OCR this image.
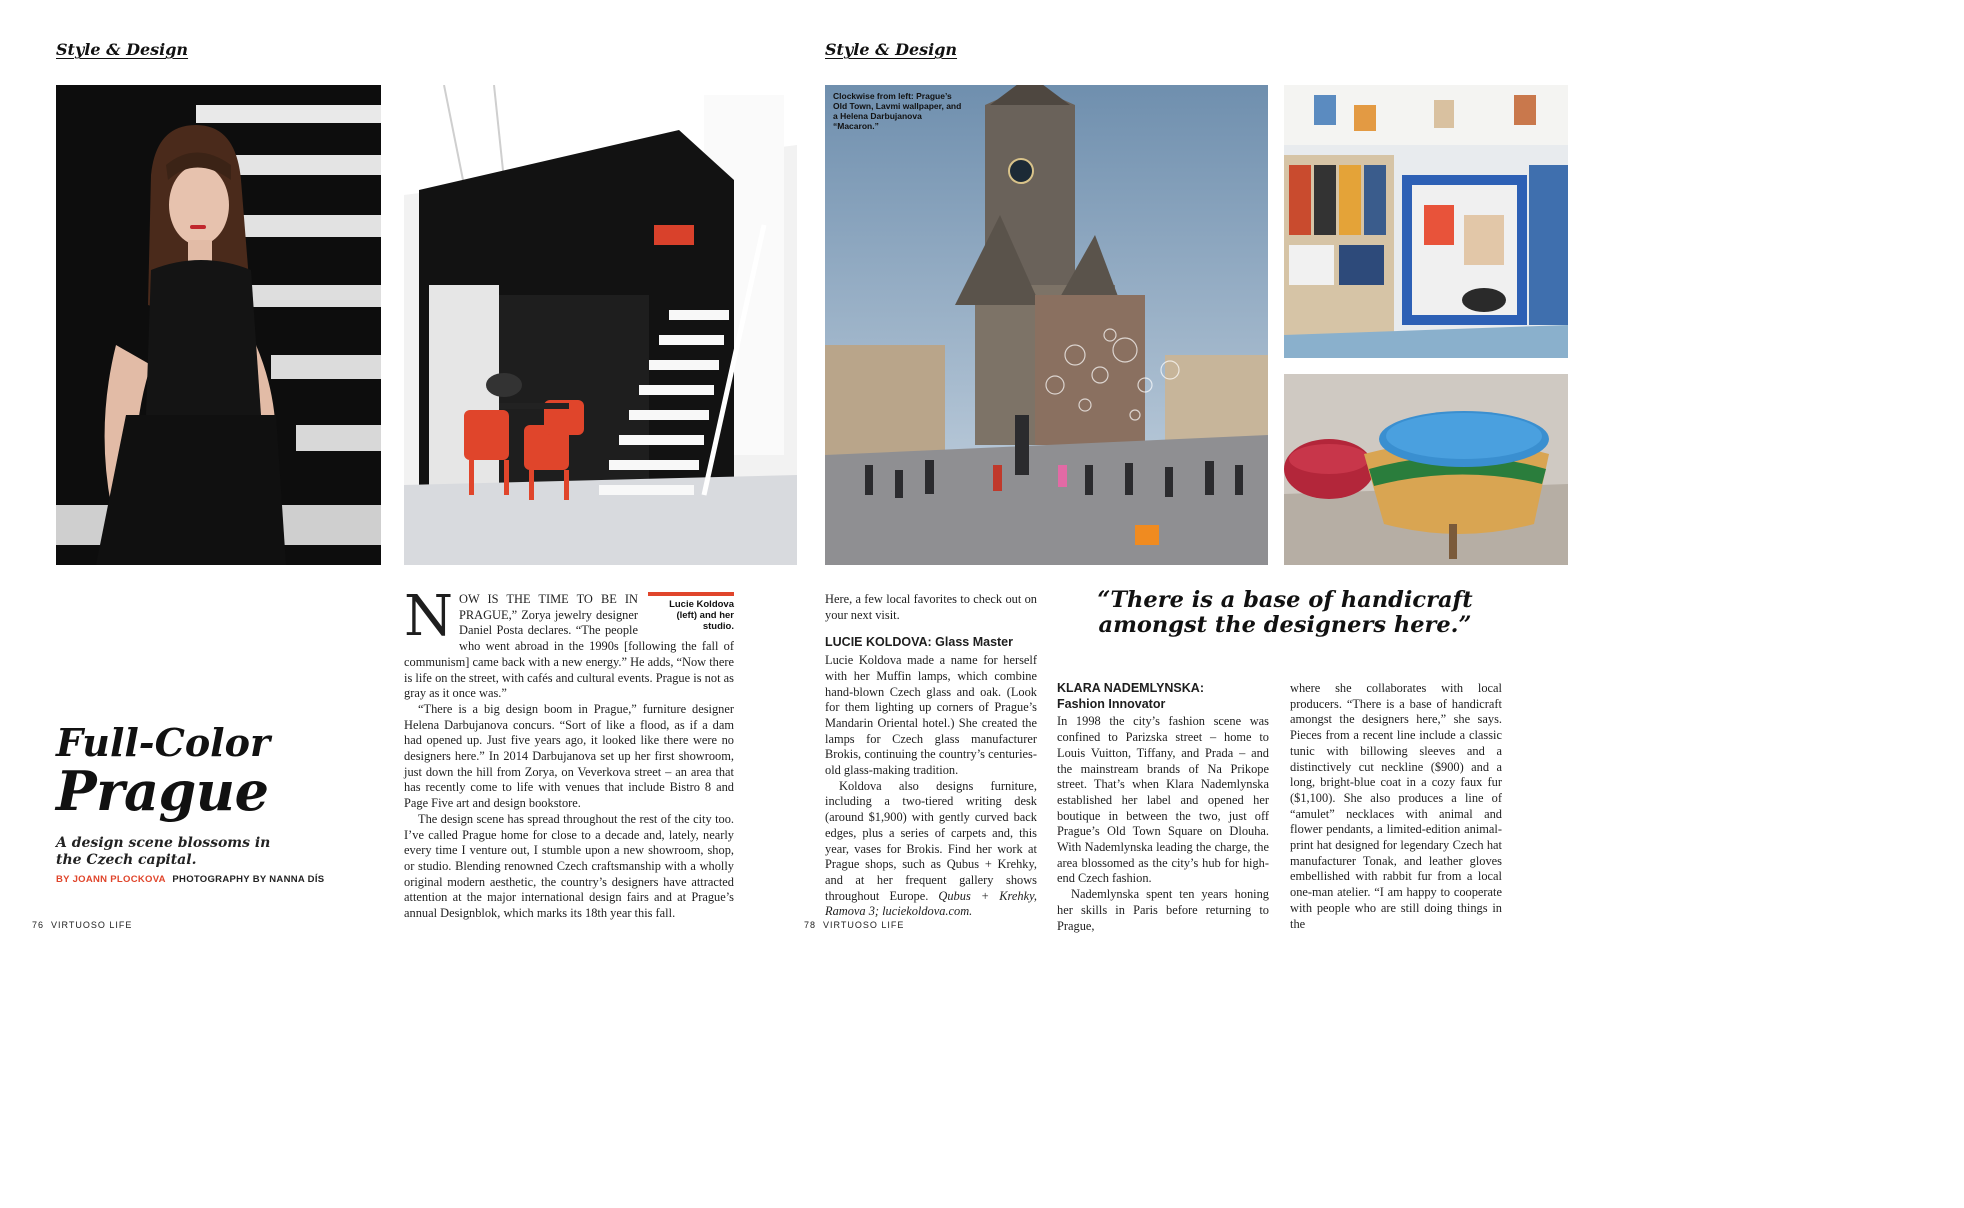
Style & Design
Full-Color
Prague
A design scene blossoms in the Czech capital.
BY JOANN PLOCKOVA PHOTOGRAPHY BY NANNA DÍS
Lucie Koldova (left) and her studio.

NOW IS THE TIME TO BE IN PRAGUE,” Zorya jewelry designer Daniel Posta declares. “The people who went abroad in the 1990s [following the fall of communism] came back with a new energy.” He adds, “Now there is life on the street, with cafés and cultural events. Prague is not as gray as it once was.”

“There is a big design boom in Prague,” furniture designer Helena Darbujanova concurs. “Sort of like a flood, as if a dam had opened up. Just five years ago, it looked like there were no designers here.” In 2014 Darbujanova set up her first showroom, just down the hill from Zorya, on Veverkova street – an area that has recently come to life with venues that include Bistro 8 and Page Five art and design bookstore.

The design scene has spread throughout the rest of the city too. I’ve called Prague home for close to a decade and, lately, nearly every time I venture out, I stumble upon a new showroom, shop, or studio. Blending renowned Czech craftsmanship with a wholly original modern aesthetic, the country’s designers have attracted attention at the major international design fairs and at Prague’s annual Designblok, which marks its 18th year this fall.

76 VIRTUOSO LIFE
Style & Design
Clockwise from left: Prague’s Old Town, Lavmi wallpaper, and a Helena Darbujanova “Macaron.”

Here, a few local favorites to check out on your next visit.

LUCIE KOLDOVA: Glass Master

Lucie Koldova made a name for herself with her Muffin lamps, which combine hand-blown Czech glass and oak. (Look for them lighting up corners of Prague’s Mandarin Oriental hotel.) She created the lamps for Czech glass manufacturer Brokis, continuing the country’s centuries-old glass-making tradition.

Koldova also designs furniture, including a two-tiered writing desk (around $1,900) with gently curved back edges, plus a series of carpets and, this year, vases for Brokis. Find her work at Prague shops, such as Qubus + Krehky, and at her frequent gallery shows throughout Europe. Qubus + Krehky, Ramova 3; luciekoldova.com.

“There is a base of handicraft amongst the designers here.”
KLARA NADEMLYNSKA:
Fashion Innovator

In 1998 the city’s fashion scene was confined to Parizska street – home to Louis Vuitton, Tiffany, and Prada – and the mainstream brands of Na Prikope street. That’s when Klara Nademlynska established her label and opened her boutique in between the two, just off Prague’s Old Town Square on Dlouha. With Nademlynska leading the charge, the area blossomed as the city’s hub for high-end Czech fashion.

Nademlynska spent ten years honing her skills in Paris before returning to Prague,

where she collaborates with local producers. “There is a base of handicraft amongst the designers here,” she says. Pieces from a recent line include a classic tunic with billowing sleeves and a distinctively cut neckline ($900) and a long, bright-blue coat in a cozy faux fur ($1,100). She also produces a line of “amulet” necklaces with animal and flower pendants, a limited-edition animal-print hat designed for legendary Czech hat manufacturer Tonak, and leather gloves embellished with rabbit fur from a local one-man atelier. “I am happy to cooperate with people who are still doing things in the

78 VIRTUOSO LIFE
